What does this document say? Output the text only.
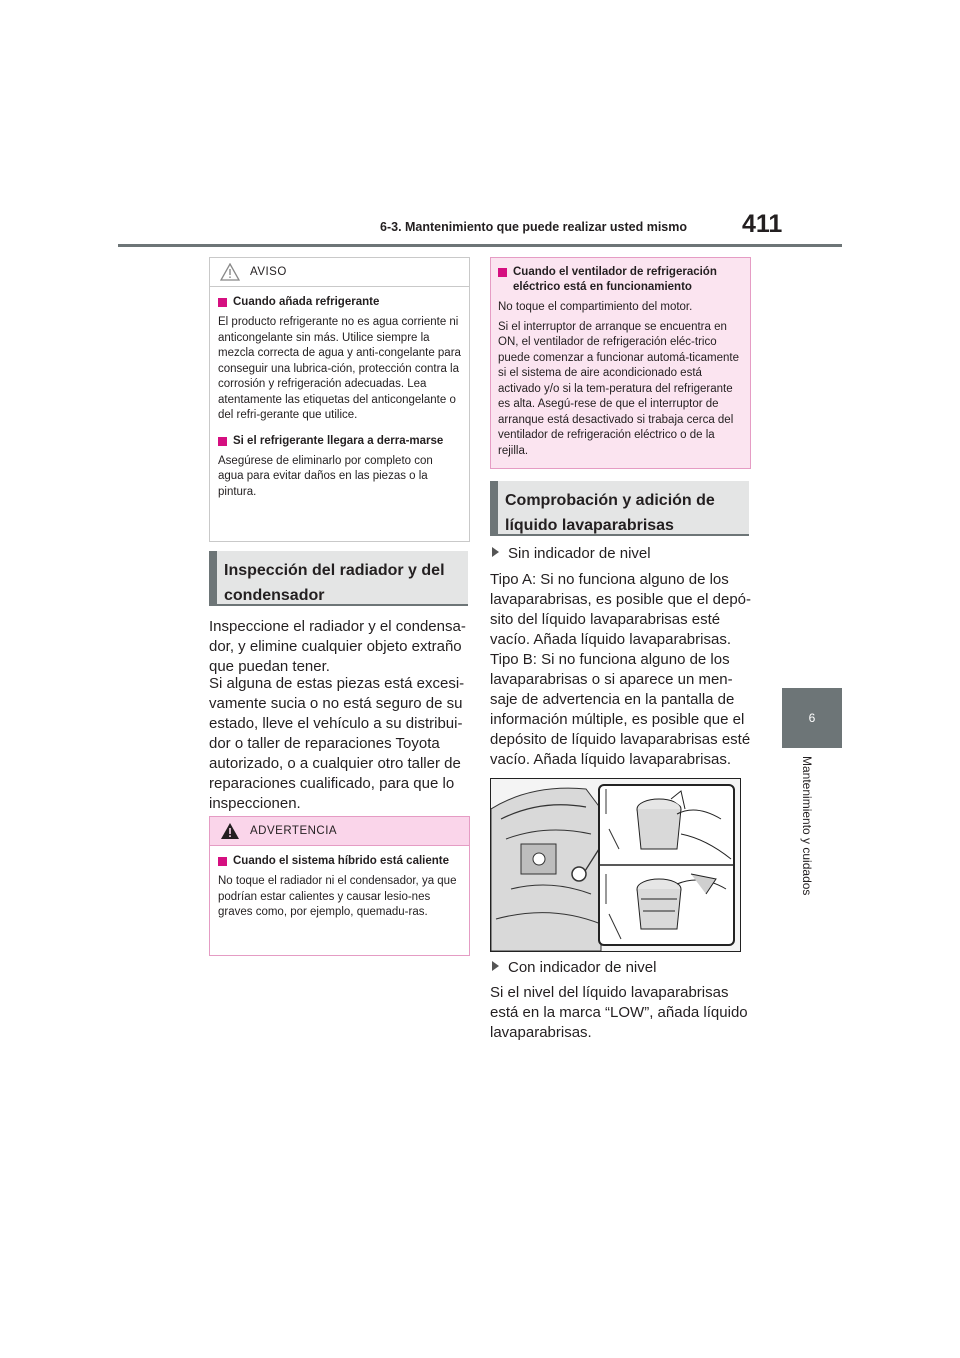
6-3. Mantenimiento que puede realizar usted mismo 411
6
Mantenimiento y cuidados
AVISO
Cuando añada refrigerante
El producto refrigerante no es agua corriente ni anticongelante sin más. Utilice siempre la mezcla correcta de agua y anti-congelante para conseguir una lubrica-ción, protección contra la corrosión y refrigeración adecuadas. Lea atentamente las etiquetas del anticongelante o del refri-gerante que utilice.
Si el refrigerante llegara a derra-marse
Asegúrese de eliminarlo por completo con agua para evitar daños en las piezas o la pintura.
Inspección del radiador y del condensador
Inspeccione el radiador y el condensa-dor, y elimine cualquier objeto extraño que puedan tener.
Si alguna de estas piezas está excesi-vamente sucia o no está seguro de su estado, lleve el vehículo a su distribui-dor o taller de reparaciones Toyota autorizado, o a cualquier otro taller de reparaciones cualificado, para que lo inspeccionen.
ADVERTENCIA
Cuando el sistema híbrido está caliente
No toque el radiador ni el condensador, ya que podrían estar calientes y causar lesio-nes graves como, por ejemplo, quemadu-ras.
Cuando el ventilador de refrigeración eléctrico está en funcionamiento
No toque el compartimiento del motor.
Si el interruptor de arranque se encuentra en ON, el ventilador de refrigeración eléc-trico puede comenzar a funcionar automá-ticamente si el sistema de aire acondicionado está activado y/o si la tem-peratura del refrigerante es alta. Asegú-rese de que el interruptor de arranque está desactivado si trabaja cerca del ventilador de refrigeración eléctrico o de la rejilla.
Comprobación y adición de líquido lavaparabrisas
Sin indicador de nivel
Tipo A: Si no funciona alguno de los lavaparabrisas, es posible que el depó-sito del líquido lavaparabrisas esté vacío. Añada líquido lavaparabrisas.
Tipo B: Si no funciona alguno de los lavaparabrisas o si aparece un men-saje de advertencia en la pantalla de información múltiple, es posible que el depósito de líquido lavaparabrisas esté vacío. Añada líquido lavaparabrisas.
Con indicador de nivel
Si el nivel del líquido lavaparabrisas está en la marca “LOW”, añada líquido lavaparabrisas.
